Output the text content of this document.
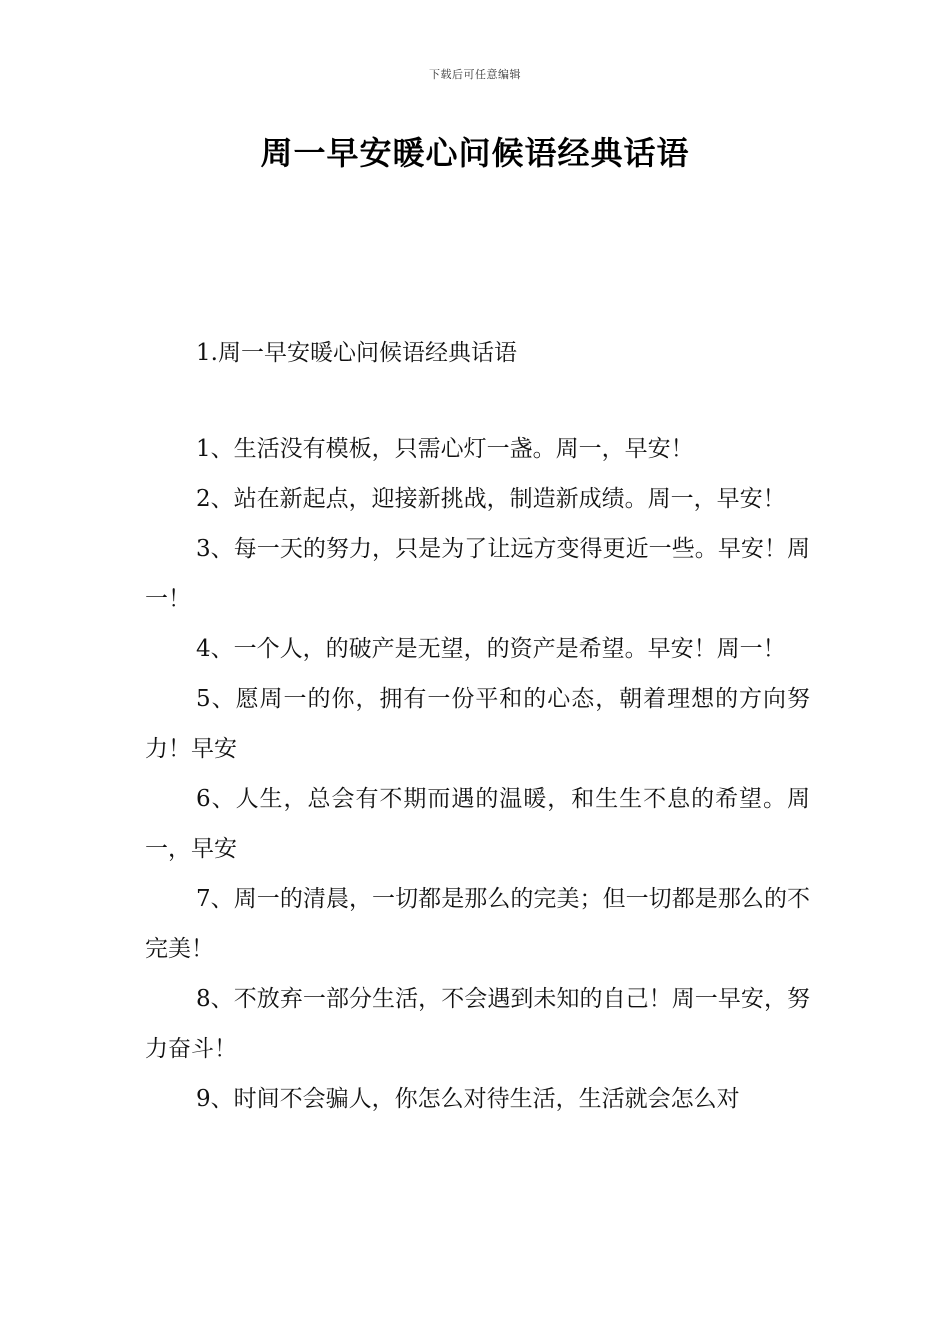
下载后可任意编辑
周一早安暖心问候语经典话语
1.周一早安暖心问候语经典话语

1、生活没有模板，只需心灯一盏。周一，早安！

2、站在新起点，迎接新挑战，制造新成绩。周一，早安！

3、每一天的努力，只是为了让远方变得更近一些。早安！周一！

4、一个人，的破产是无望，的资产是希望。早安！周一！

5、愿周一的你，拥有一份平和的心态，朝着理想的方向努力！早安

6、人生，总会有不期而遇的温暖，和生生不息的希望。周一，早安

7、周一的清晨，一切都是那么的完美；但一切都是那么的不完美！

8、不放弃一部分生活，不会遇到未知的自己！周一早安，努力奋斗！

9、时间不会骗人，你怎么对待生活，生活就会怎么对
